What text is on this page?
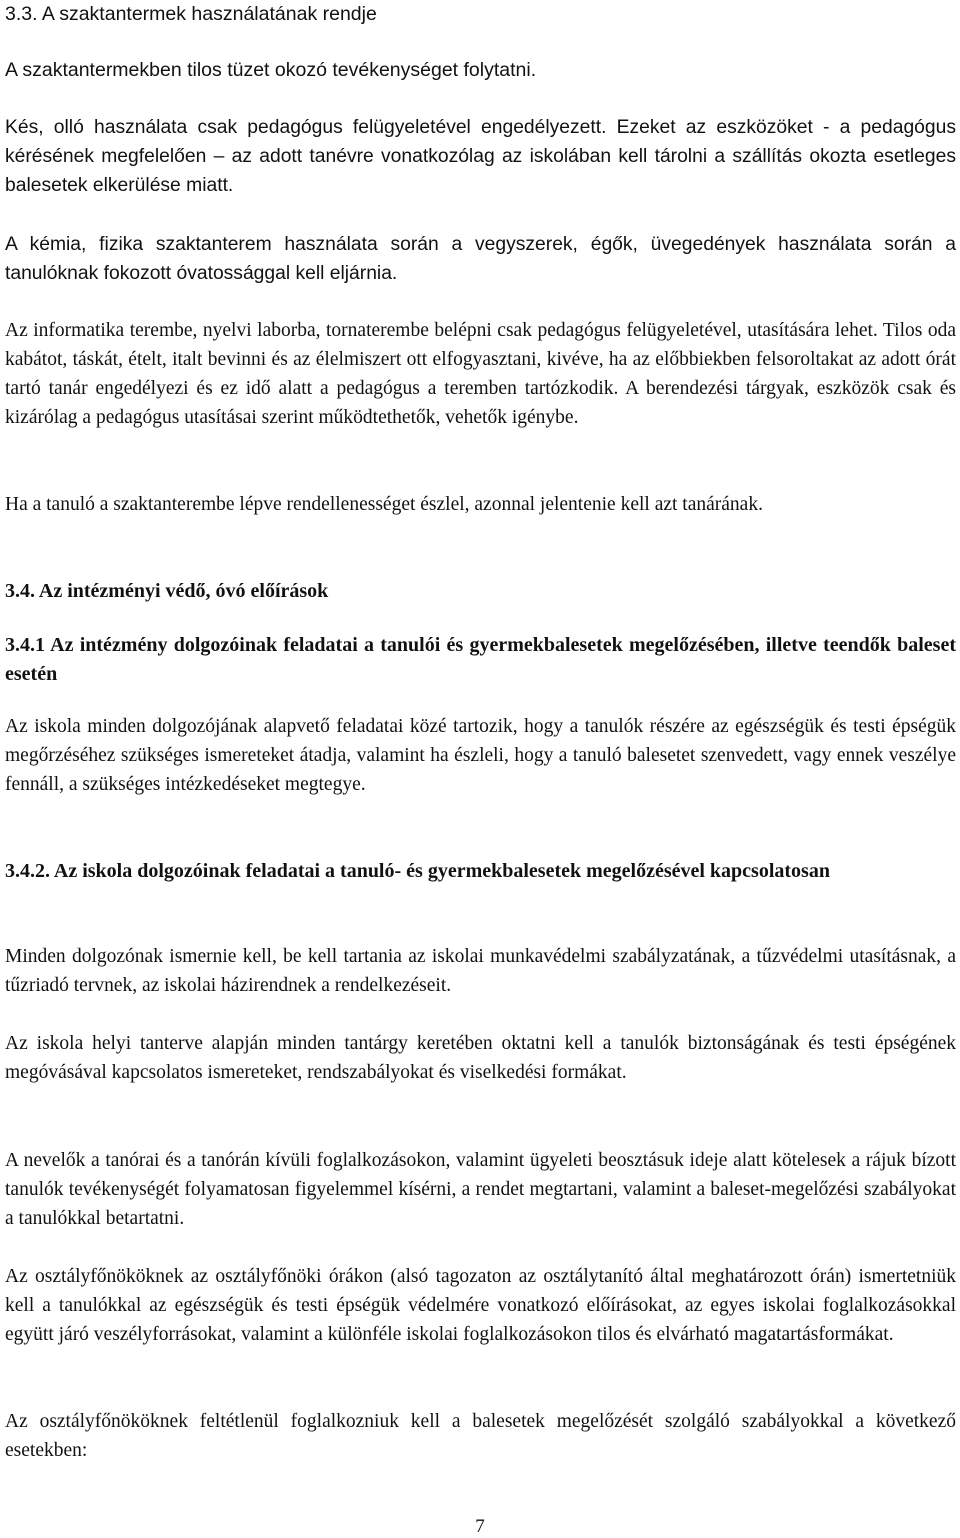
3.3. A szaktantermek használatának rendje
A szaktantermekben tilos tüzet okozó tevékenységet folytatni.
Kés, olló használata csak pedagógus felügyeletével engedélyezett. Ezeket az eszközöket - a pedagógus kérésének megfelelően – az adott tanévre vonatkozólag az iskolában kell tárolni a szállítás okozta esetleges balesetek elkerülése miatt.
A kémia, fizika szaktanterem használata során a vegyszerek, égők, üvegedények használata során a tanulóknak fokozott óvatossággal kell eljárnia.
Az informatika terembe, nyelvi laborba, tornaterembe belépni csak pedagógus felügyeletével, utasítására lehet. Tilos oda kabátot, táskát, ételt, italt bevinni és az élelmiszert ott elfogyasztani, kivéve, ha az előbbiekben felsoroltakat az adott órát tartó tanár engedélyezi és ez idő alatt a pedagógus a teremben tartózkodik. A berendezési tárgyak, eszközök csak és kizárólag a pedagógus utasításai szerint működtethetők, vehetők igénybe.
Ha a tanuló a szaktanterembe lépve rendellenességet észlel, azonnal jelentenie kell azt tanárának.
3.4. Az intézményi védő, óvó előírások
3.4.1 Az intézmény dolgozóinak feladatai a tanulói és gyermekbalesetek megelőzésében, illetve teendők baleset esetén
Az iskola minden dolgozójának alapvető feladatai közé tartozik, hogy a tanulók részére az egészségük és testi épségük megőrzéséhez szükséges ismereteket átadja, valamint ha észleli, hogy a tanuló balesetet szenvedett, vagy ennek veszélye fennáll, a szükséges intézkedéseket megtegye.
3.4.2. Az iskola dolgozóinak feladatai a tanuló- és gyermekbalesetek megelőzésével kapcsolatosan
Minden dolgozónak ismernie kell, be kell tartania az iskolai munkavédelmi szabályzatának, a tűzvédelmi utasításnak, a tűzriadó tervnek, az iskolai házirendnek a rendelkezéseit.
Az iskola helyi tanterve alapján minden tantárgy keretében oktatni kell a tanulók biztonságának és testi épségének megóvásával kapcsolatos ismereteket, rendszabályokat és viselkedési formákat.
A nevelők a tanórai és a tanórán kívüli foglalkozásokon, valamint ügyeleti beosztásuk ideje alatt kötelesek a rájuk bízott tanulók tevékenységét folyamatosan figyelemmel kísérni, a rendet megtartani, valamint a baleset-megelőzési szabályokat a tanulókkal betartatni.
Az osztályfőnököknek az osztályfőnöki órákon (alsó tagozaton az osztálytanító által meghatározott órán) ismertetniük kell a tanulókkal az egészségük és testi épségük védelmére vonatkozó előírásokat, az egyes iskolai foglalkozásokkal együtt járó veszélyforrásokat, valamint a különféle iskolai foglalkozásokon tilos és elvárható magatartásformákat.
Az osztályfőnököknek feltétlenül foglalkozniuk kell a balesetek megelőzését szolgáló szabályokkal a következő esetekben:
7
